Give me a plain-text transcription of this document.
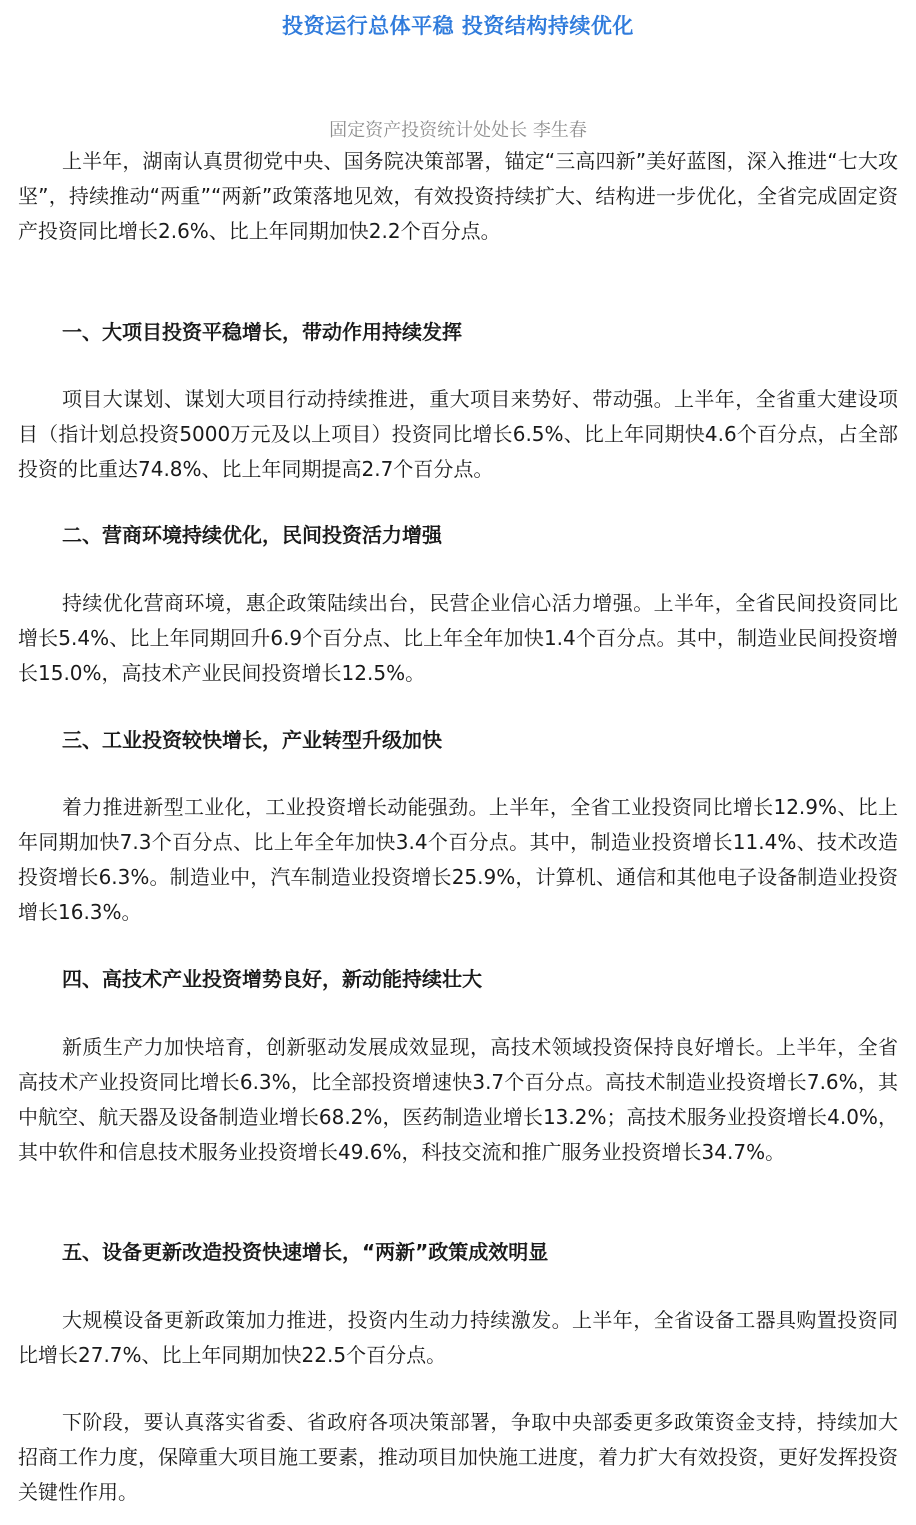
投资运行总体平稳 投资结构持续优化

固定资产投资统计处处长 李生春

上半年，湖南认真贯彻党中央、国务院决策部署，锚定“三高四新”美好蓝图，深入推进“七大攻坚”，持续推动“两重”“两新”政策落地见效，有效投资持续扩大、结构进一步优化，全省完成固定资产投资同比增长2.6%、比上年同期加快2.2个百分点。

一、大项目投资平稳增长，带动作用持续发挥

项目大谋划、谋划大项目行动持续推进，重大项目来势好、带动强。上半年，全省重大建设项目（指计划总投资5000万元及以上项目）投资同比增长6.5%、比上年同期快4.6个百分点，占全部投资的比重达74.8%、比上年同期提高2.7个百分点。

二、营商环境持续优化，民间投资活力增强

持续优化营商环境，惠企政策陆续出台，民营企业信心活力增强。上半年，全省民间投资同比增长5.4%、比上年同期回升6.9个百分点、比上年全年加快1.4个百分点。其中，制造业民间投资增长15.0%，高技术产业民间投资增长12.5%。

三、工业投资较快增长，产业转型升级加快

着力推进新型工业化，工业投资增长动能强劲。上半年，全省工业投资同比增长12.9%、比上年同期加快7.3个百分点、比上年全年加快3.4个百分点。其中，制造业投资增长11.4%、技术改造投资增长6.3%。制造业中，汽车制造业投资增长25.9%，计算机、通信和其他电子设备制造业投资增长16.3%。

四、高技术产业投资增势良好，新动能持续壮大

新质生产力加快培育，创新驱动发展成效显现，高技术领域投资保持良好增长。上半年，全省高技术产业投资同比增长6.3%，比全部投资增速快3.7个百分点。高技术制造业投资增长7.6%，其中航空、航天器及设备制造业增长68.2%，医药制造业增长13.2%；高技术服务业投资增长4.0%，其中软件和信息技术服务业投资增长49.6%，科技交流和推广服务业投资增长34.7%。

五、设备更新改造投资快速增长，“两新”政策成效明显

大规模设备更新政策加力推进，投资内生动力持续激发。上半年，全省设备工器具购置投资同比增长27.7%、比上年同期加快22.5个百分点。

下阶段，要认真落实省委、省政府各项决策部署，争取中央部委更多政策资金支持，持续加大招商工作力度，保障重大项目施工要素，推动项目加快施工进度，着力扩大有效投资，更好发挥投资关键性作用。
